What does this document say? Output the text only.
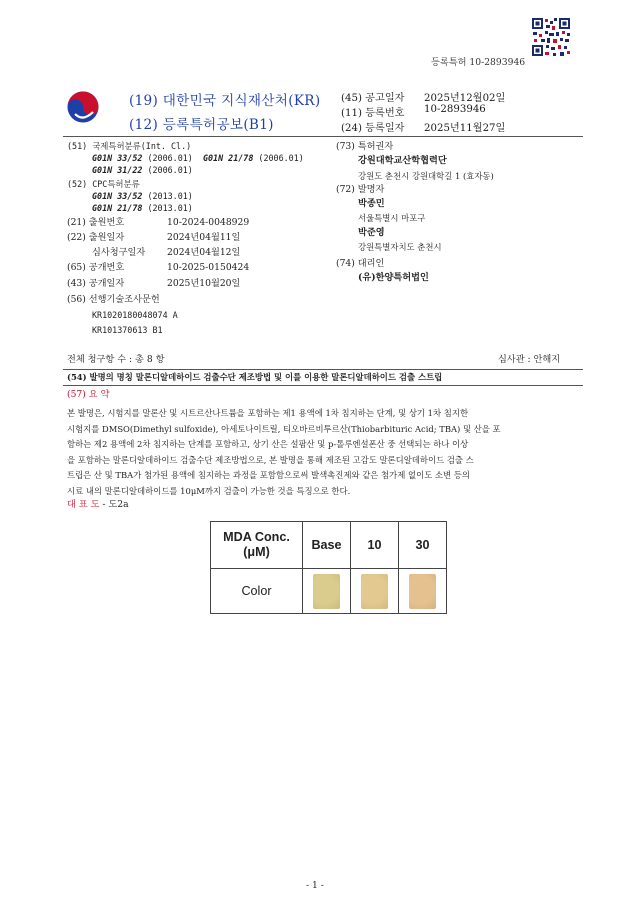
등록특허 10-2893946
(19) 대한민국 지식재산처(KR)
(12) 등록특허공보(B1)
(45) 공고일자 2025년12월02일
(11) 등록번호 10-2893946
(24) 등록일자 2025년11월27일
(51) 국제특허분류(Int. Cl.)
G01N 33/52 (2006.01) G01N 21/78 (2006.01)
G01N 31/22 (2006.01)
(52) CPC특허분류
G01N 33/52 (2013.01)
G01N 21/78 (2013.01)
(21) 출원번호	10-2024-0048929
(22) 출원일자	2024년04월11일
심사청구일자 2024년04월12일
(65) 공개번호	10-2025-0150424
(43) 공개일자	2025년10월20일
(56) 선행기술조사문헌
KR1020180048074 A
KR101370613 B1
(73) 특허권자
강원대학교산학협력단
강원도 춘천시 강원대학길 1 (효자동)
(72) 발명자
박종민
서울특별시 마포구
박준영
강원특별자치도 춘천시
(74) 대리인
(유)한양특허법인
전체 청구항 수 : 총 8 항	심사관 : 안해지
(54) 발명의 명칭 말론디알데하이드 검출수단 제조방법 및 이를 이용한 말론디알데하이드 검출 스트립
(57) 요 약
본 발명은, 시험지를 말론산 및 시트르산나트륨을 포함하는 제1 용액에 1차 침지하는 단계, 및 상기 1차 침지한
시험지를 DMSO(Dimethyl sulfoxide), 아세토나이트릴, 티오바르비투르산(Thiobarbituric Acid; TBA) 및 산을 포
함하는 제2 용액에 2차 침지하는 단계를 포함하고, 상기 산은 설팜산 및 p-톨루엔설폰산 중 선택되는 하나 이상
을 포함하는 말론디알데하이드 검출수단 제조방법으로, 본 발명을 통해 제조된 고감도 말론디알데하이드 검출 스
트립은 산 및 TBA가 첨가된 용액에 침지하는 과정을 포함함으로써 발색촉진제와 같은 첨가제 없이도 소변 등의
시료 내의 말론디알데하이드를 10μM까지 검출이 가능한 것을 특징으로 한다.
대 표 도 - 도2a
MDA Conc. (μM)	Base	10	30
Color	

- 1 -
